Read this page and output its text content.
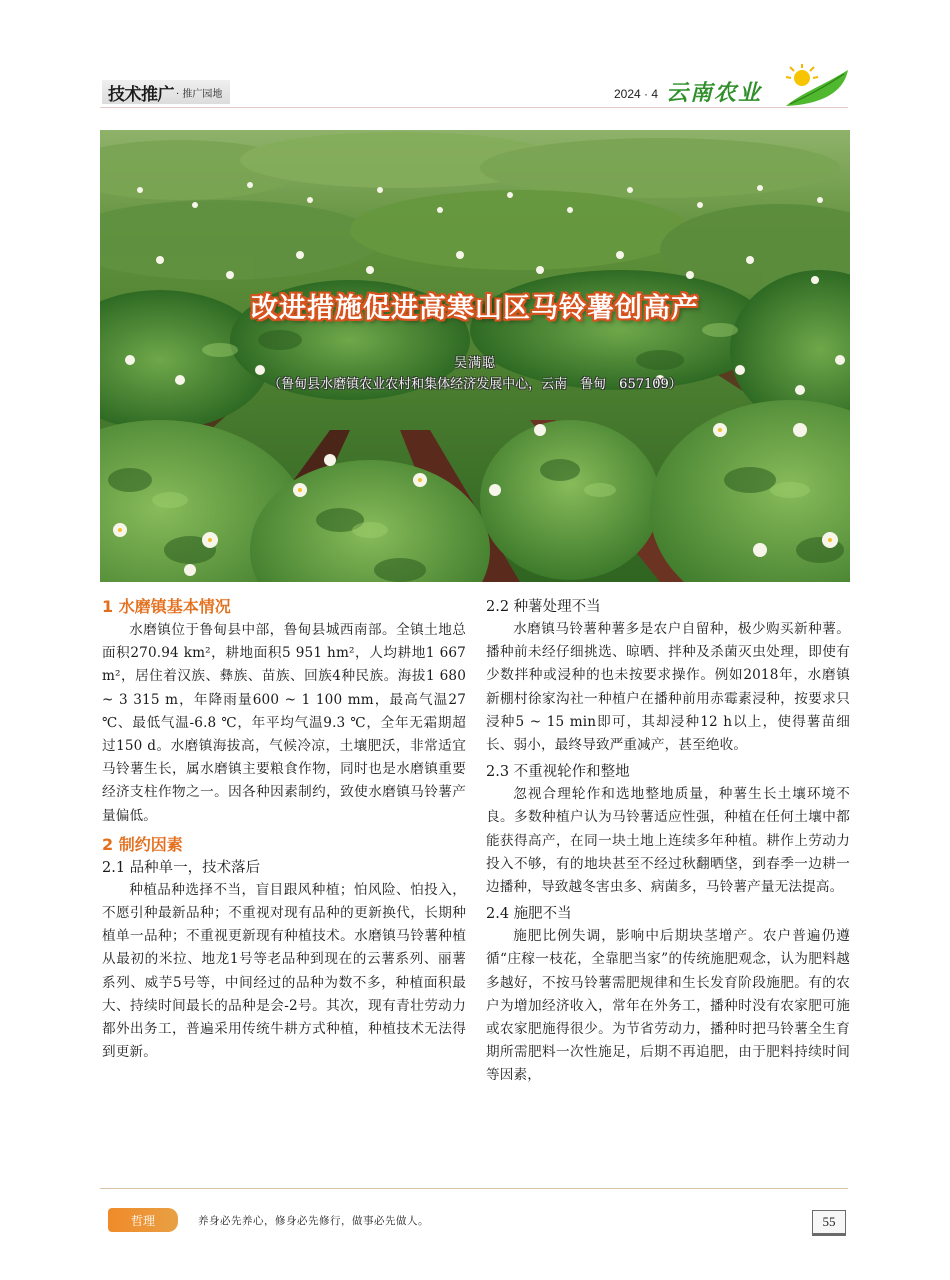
技术推广 · 推广园地	2024 · 4 云南农业
改进措施促进高寒山区马铃薯创高产
吴满聪
（鲁甸县水磨镇农业农村和集体经济发展中心，云南　鲁甸　657109）
1 水磨镇基本情况

水磨镇位于鲁甸县中部，鲁甸县城西南部。全镇土地总面积270.94 km²，耕地面积5 951 hm²，人均耕地1 667 m²，居住着汉族、彝族、苗族、回族4种民族。海拔1 680 ~ 3 315 m，年降雨量600 ~ 1 100 mm，最高气温27 ℃、最低气温-6.8 ℃，年平均气温9.3 ℃，全年无霜期超过150 d。水磨镇海拔高，气候冷凉，土壤肥沃，非常适宜马铃薯生长，属水磨镇主要粮食作物，同时也是水磨镇重要经济支柱作物之一。因各种因素制约，致使水磨镇马铃薯产量偏低。

2 制约因素
2.1 品种单一，技术落后

种植品种选择不当，盲目跟风种植；怕风险、怕投入，不愿引种最新品种；不重视对现有品种的更新换代，长期种植单一品种；不重视更新现有种植技术。水磨镇马铃薯种植从最初的米拉、地龙1号等老品种到现在的云薯系列、丽薯系列、威芋5号等，中间经过的品种为数不多，种植面积最大、持续时间最长的品种是会-2号。其次，现有青壮劳动力都外出务工，普遍采用传统牛耕方式种植，种植技术无法得到更新。

2.2 种薯处理不当

水磨镇马铃薯种薯多是农户自留种，极少购买新种薯。播种前未经仔细挑选、晾晒、拌种及杀菌灭虫处理，即使有少数拌种或浸种的也未按要求操作。例如2018年，水磨镇新棚村徐家沟社一种植户在播种前用赤霉素浸种，按要求只浸种5 ~ 15 min即可，其却浸种12 h以上，使得薯苗细长、弱小，最终导致严重减产，甚至绝收。

2.3 不重视轮作和整地

忽视合理轮作和选地整地质量，种薯生长土壤环境不良。多数种植户认为马铃薯适应性强，种植在任何土壤中都能获得高产，在同一块土地上连续多年种植。耕作上劳动力投入不够，有的地块甚至不经过秋翻晒垡，到春季一边耕一边播种，导致越冬害虫多、病菌多，马铃薯产量无法提高。

2.4 施肥不当

施肥比例失调，影响中后期块茎增产。农户普遍仍遵循“庄稼一枝花，全靠肥当家”的传统施肥观念，认为肥料越多越好，不按马铃薯需肥规律和生长发育阶段施肥。有的农户为增加经济收入，常年在外务工，播种时没有农家肥可施或农家肥施得很少。为节省劳动力，播种时把马铃薯全生育期所需肥料一次性施足，后期不再追肥，由于肥料持续时间等因素，

哲理	养身必先养心，修身必先修行，做事必先做人。	55
